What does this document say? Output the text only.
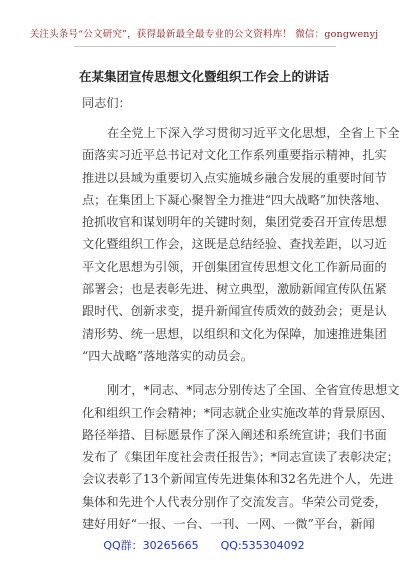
关注头条号“公文研究”，获得最新最全最专业的公文资料库！ 微信：gongwenyj
在某集团宣传思想文化暨组织工作会上的讲话
同志们：
在全党上下深入学习贯彻习近平文化思想，全省上下全
面落实习近平总书记对文化工作系列重要指示精神，扎实
推进以县域为重要切入点实施城乡融合发展的重要时间节
点；在集团上下凝心聚智全力推进“四大战略”加快落地、
抢抓收官和谋划明年的关键时刻，集团党委召开宣传思想
文化暨组织工作会，这既是总结经验、查找差距，以习近
平文化思想为引领，开创集团宣传思想文化工作新局面的
部署会；也是表彰先进、树立典型，激励新闻宣传队伍紧
跟时代、创新求变，提升新闻宣传质效的鼓劲会；更是认
清形势、统一思想，以组织和文化为保障，加速推进集团
“四大战略”落地落实的动员会。
刚才，*同志、*同志分别传达了全国、全省宣传思想文
化和组织工作会精神；*同志就企业实施改革的背景原因、
路径举措、目标愿景作了深入阐述和系统宣讲；我们书面
发布了《集团年度社会责任报告》；*同志宣读了表彰决定；
会议表彰了13个新闻宣传先进集体和32名先进个人，先进
集体和先进个人代表分别作了交流发言。华荣公司党委，
建好用好“一报、一台、一刊、一网、一微”平台，新闻
QQ群：30265665 QQ:535304092
